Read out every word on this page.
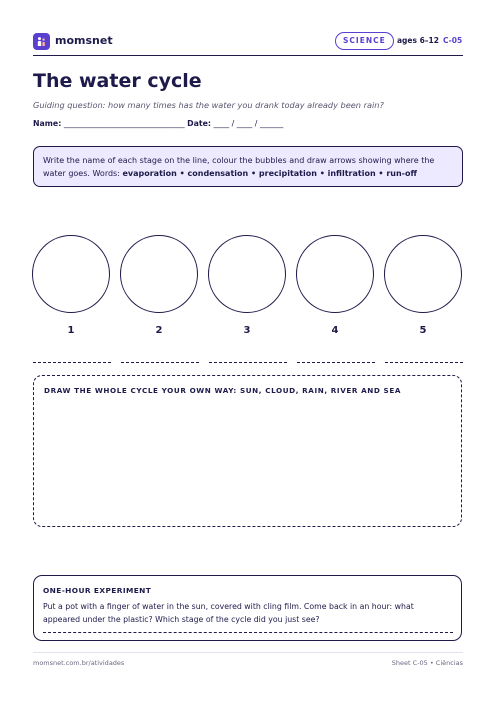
momsnet	SCIENCE	ages 6–12 C-05
The water cycle
Guiding question: how many times has the water you drank today already been rain?
Name: _______________________________ Date: ____ / ____ / ______
Write the name of each stage on the line, colour the bubbles and draw arrows showing where the water goes. Words: evaporation • condensation • precipitation • infiltration • run-off
1	2	3	4	5
DRAW THE WHOLE CYCLE YOUR OWN WAY: SUN, CLOUD, RAIN, RIVER AND SEA
ONE-HOUR EXPERIMENT
Put a pot with a finger of water in the sun, covered with cling film. Come back in an hour: what appeared under the plastic? Which stage of the cycle did you just see?
momsnet.com.br/atividades	Sheet C-05 • Ciências
